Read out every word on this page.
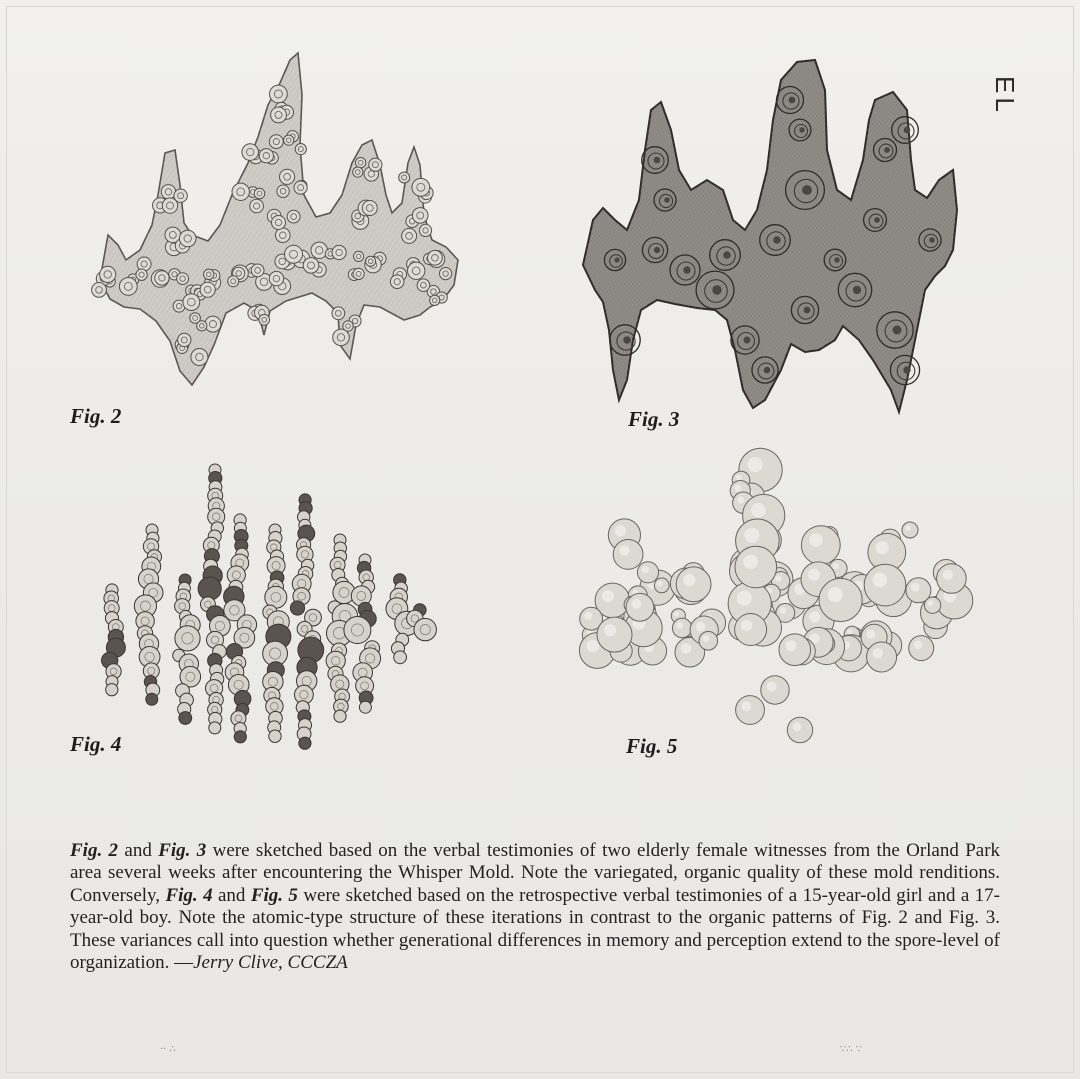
EL
Fig. 2	Fig. 3
Fig. 4	Fig. 5
Fig. 2 and Fig. 3 were sketched based on the verbal testimonies of two elderly female witnesses from the Orland Park area several weeks after encountering the Whisper Mold. Note the variegated, organic quality of these mold renditions. Conversely, Fig. 4 and Fig. 5 were sketched based on the retrospective verbal testimonies of a 15-year-old girl and a 17-year-old boy. Note the atomic-type structure of these iterations in contrast to the organic patterns of Fig. 2 and Fig. 3. These variances call into question whether generational differences in memory and perception extend to the spore-level of organization. —Jerry Clive, CCCZA
·· ∴	∵∴ ∵
